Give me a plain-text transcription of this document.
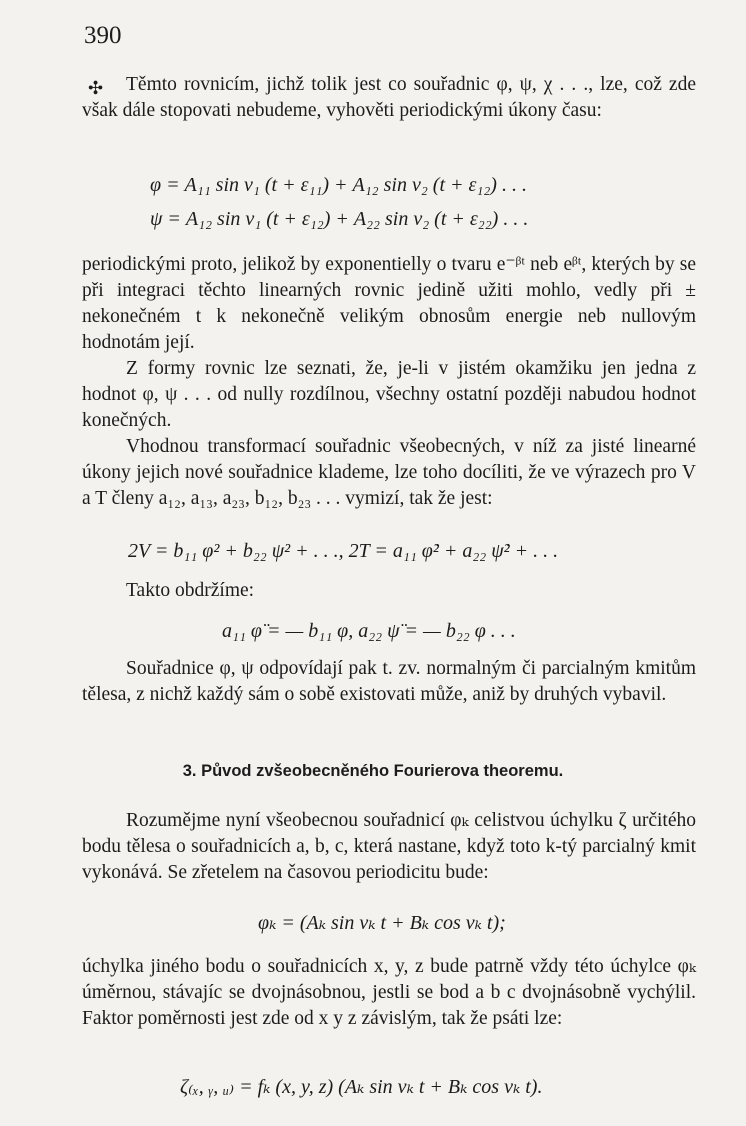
390
✣	Těmto rovnicím, jichž tolik jest co souřadnic φ, ψ, χ . . ., lze, což zde však dále stopovati nebudeme, vyhověti periodickými úkony času:

φ = A₁₁ sin ν₁ (t + ε₁₁) + A₁₂ sin ν₂ (t + ε₁₂) . . .
ψ = A₁₂ sin ν₁ (t + ε₁₂) + A₂₂ sin ν₂ (t + ε₂₂) . . .

periodickými proto, jelikož by exponentielly o tvaru e⁻ᵝᵗ neb eᵝᵗ, kterých by se při integraci těchto linearných rovnic jedině užiti mohlo, vedly při ± nekonečném t k nekonečně velikým obnosům energie neb nullovým hodnotám její.

Z formy rovnic lze seznati, že, je-li v jistém okamžiku jen jedna z hodnot φ, ψ . . . od nully rozdílnou, všechny ostatní později nabudou hodnot konečných.

Vhodnou transformací souřadnic všeobecných, v níž za jisté linearné úkony jejich nové souřadnice klademe, lze toho docíliti, že ve výrazech pro V a T členy a₁₂, a₁₃, a₂₃, b₁₂, b₂₃ . . . vymizí, tak že jest:

2V = b₁₁ φ² + b₂₂ ψ² + . . ., 2T = a₁₁ φ̇² + a₂₂ ψ̇² + . . .

Takto obdržíme:

a₁₁ φ̈ = — b₁₁ φ, a₂₂ ψ̈ = — b₂₂ φ . . .

Souřadnice φ, ψ odpovídají pak t. zv. normalným či parcialným kmitům tělesa, z nichž každý sám o sobě existovati může, aniž by druhých vybavil.

3. Původ zvšeobecněného Fourierova theoremu.

Rozumějme nyní všeobecnou souřadnicí φₖ celistvou úchylku ζ určitého bodu tělesa o souřadnicích a, b, c, která nastane, když toto k-tý parcialný kmit vykonává. Se zřetelem na časovou periodicitu bude:

φₖ = (Aₖ sin νₖ t + Bₖ cos νₖ t);

úchylka jiného bodu o souřadnicích x, y, z bude patrně vždy této úchylce φₖ úměrnou, stávajíc se dvojnásobnou, jestli se bod a b c dvojnásobně vychýlil. Faktor poměrnosti jest zde od x y z závislým, tak že psáti lze:

ζ₍ₓ, ᵧ, ᵤ₎ = fₖ (x, y, z) (Aₖ sin νₖ t + Bₖ cos νₖ t).
